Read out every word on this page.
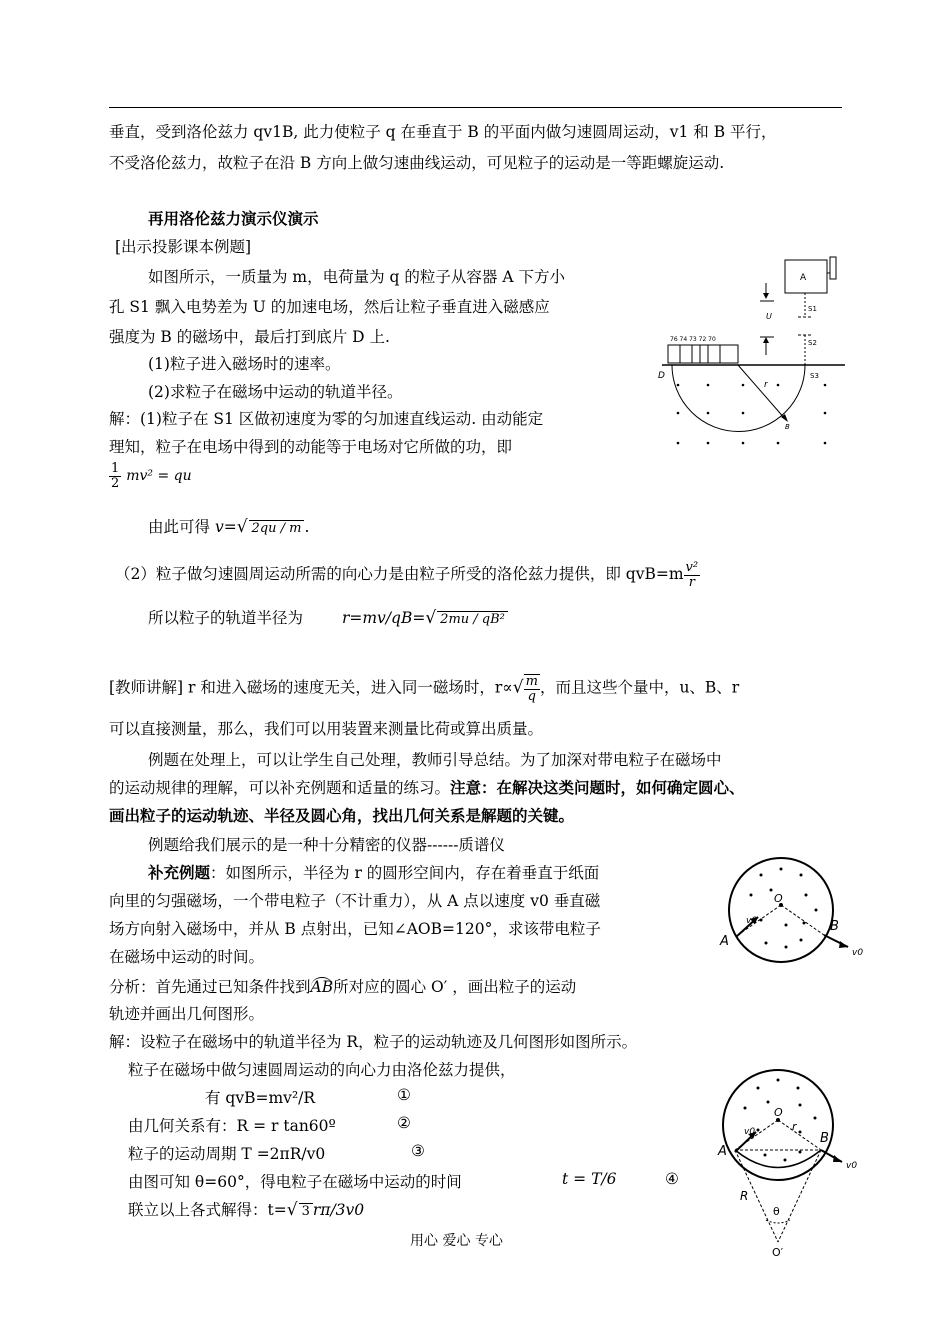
垂直，受到洛伦兹力 qv1B, 此力使粒子 q 在垂直于 B 的平面内做匀速圆周运动，v1 和 B 平行，
不受洛伦兹力，故粒子在沿 B 方向上做匀速曲线运动，可见粒子的运动是一等距螺旋运动.
再用洛伦兹力演示仪演示
[出示投影课本例题]
如图所示，一质量为 m，电荷量为 q 的粒子从容器 A 下方小
孔 S1 飘入电势差为 U 的加速电场，然后让粒子垂直进入磁感应
强度为 B 的磁场中，最后打到底片 D 上.
(1)粒子进入磁场时的速率。
(2)求粒子在磁场中运动的轨道半径。
解：(1)粒子在 S1 区做初速度为零的匀加速直线运动. 由动能定
理知，粒子在电场中得到的动能等于电场对它所做的功，即
$\frac{1}{2} mv^2$ = qu
由此可得 v=√ 2qu / m .
（2）粒子做匀速圆周运动所需的向心力是由粒子所受的洛伦兹力提供，即 $qvB=m \frac{\text{v²}}{r}$
所以粒子的轨道半径为	r=mv/qB=√ 2mu / qB²
A
S1
S2
U
76 74 73 72 70
D	S3
r
B
[教师讲解] r 和进入磁场的速度无关，进入同一磁场时，$r\propto√ \frac{m}{q}$ ，而且这些个量中，u、B、r
可以直接测量，那么，我们可以用装置来测量比荷或算出质量。
例题在处理上，可以让学生自己处理，教师引导总结。为了加深对带电粒子在磁场中
的运动规律的理解，可以补充例题和适量的练习。注意：在解决这类问题时，如何确定圆心、
画出粒子的运动轨迹、半径及圆心角，找出几何关系是解题的关键。
例题给我们展示的是一种十分精密的仪器------质谱仪
补充例题：如图所示，半径为 r 的圆形空间内，存在着垂直于纸面
向里的匀强磁场，一个带电粒子（不计重力），从 A 点以速度 v0 垂直磁
场方向射入磁场中，并从 B 点射出，已知∠AOB=120°，求该带电粒子
在磁场中运动的时间。
分析：首先通过已知条件找到AB所对应的圆心 O′ ，画出粒子的运动
轨迹并画出几何图形。
解：设粒子在磁场中的轨道半径为 R，粒子的运动轨迹及几何图形如图所示。
粒子在磁场中做匀速圆周运动的向心力由洛伦兹力提供，
有 qvB=mv²/R	①
由几何关系有：R = r tan60º	②
粒子的运动周期 T =2πR/v0	③
由图可知 θ=60°，得电粒子在磁场中运动的时间	t = T/6	④
联立以上各式解得：t=√ 3 rπ/3v0
O
A
B
v0
v0
O
r
θ
R
O′
A
B
v0
v0
用心 爱心 专心
